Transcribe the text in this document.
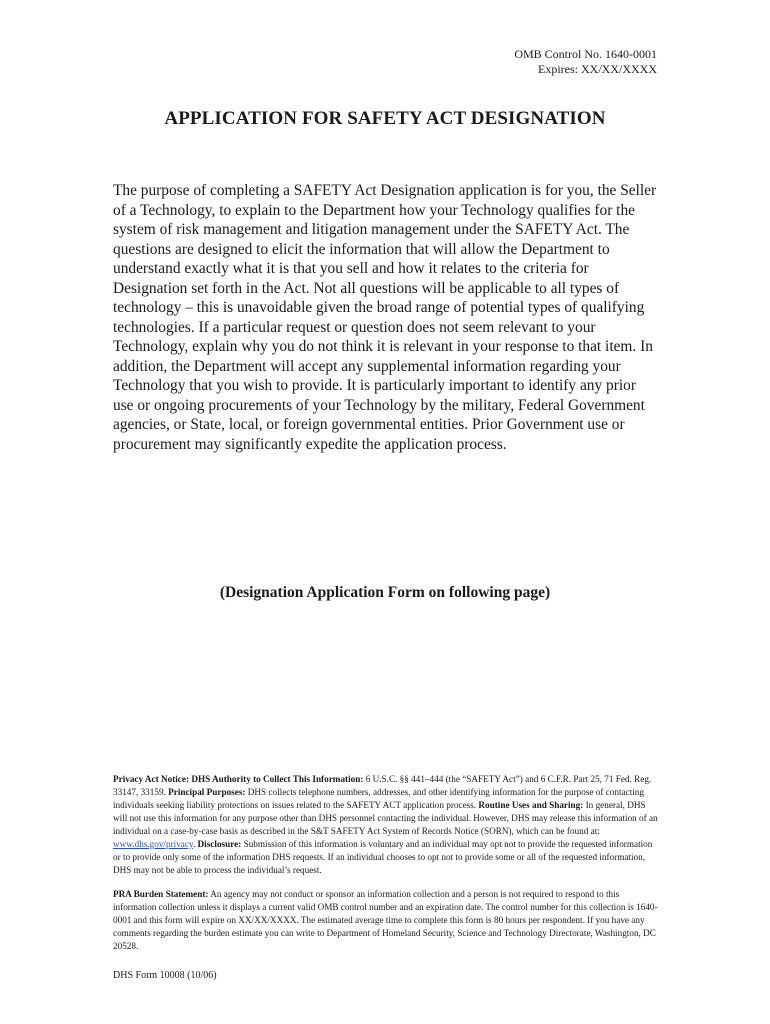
OMB Control No. 1640-0001
Expires: XX/XX/XXXX
APPLICATION FOR SAFETY ACT DESIGNATION

The purpose of completing a SAFETY Act Designation application is for you, the Seller of a Technology, to explain to the Department how your Technology qualifies for the system of risk management and litigation management under the SAFETY Act. The questions are designed to elicit the information that will allow the Department to understand exactly what it is that you sell and how it relates to the criteria for Designation set forth in the Act. Not all questions will be applicable to all types of technology – this is unavoidable given the broad range of potential types of qualifying technologies. If a particular request or question does not seem relevant to your Technology, explain why you do not think it is relevant in your response to that item. In addition, the Department will accept any supplemental information regarding your Technology that you wish to provide. It is particularly important to identify any prior use or ongoing procurements of your Technology by the military, Federal Government agencies, or State, local, or foreign governmental entities. Prior Government use or procurement may significantly expedite the application process.

(Designation Application Form on following page)

Privacy Act Notice: DHS Authority to Collect This Information: 6 U.S.C. §§ 441–444 (the “SAFETY Act”) and 6 C.F.R. Part 25, 71 Fed. Reg. 33147, 33159. Principal Purposes: DHS collects telephone numbers, addresses, and other identifying information for the purpose of contacting individuals seeking liability protections on issues related to the SAFETY ACT application process. Routine Uses and Sharing: In general, DHS will not use this information for any purpose other than DHS personnel contacting the individual. However, DHS may release this information of an individual on a case-by-case basis as described in the S&T SAFETY Act System of Records Notice (SORN), which can be found at: www.dhs.gov/privacy. Disclosure: Submission of this information is voluntary and an individual may opt not to provide the requested information or to provide only some of the information DHS requests. If an individual chooses to opt not to provide some or all of the requested information, DHS may not be able to process the individual’s request.

PRA Burden Statement: An agency may not conduct or sponsor an information collection and a person is not required to respond to this information collection unless it displays a current valid OMB control number and an expiration date. The control number for this collection is 1640-0001 and this form will expire on XX/XX/XXXX. The estimated average time to complete this form is 80 hours per respondent. If you have any comments regarding the burden estimate you can write to Department of Homeland Security, Science and Technology Directorate, Washington, DC 20528.

DHS Form 10008 (10/06)
